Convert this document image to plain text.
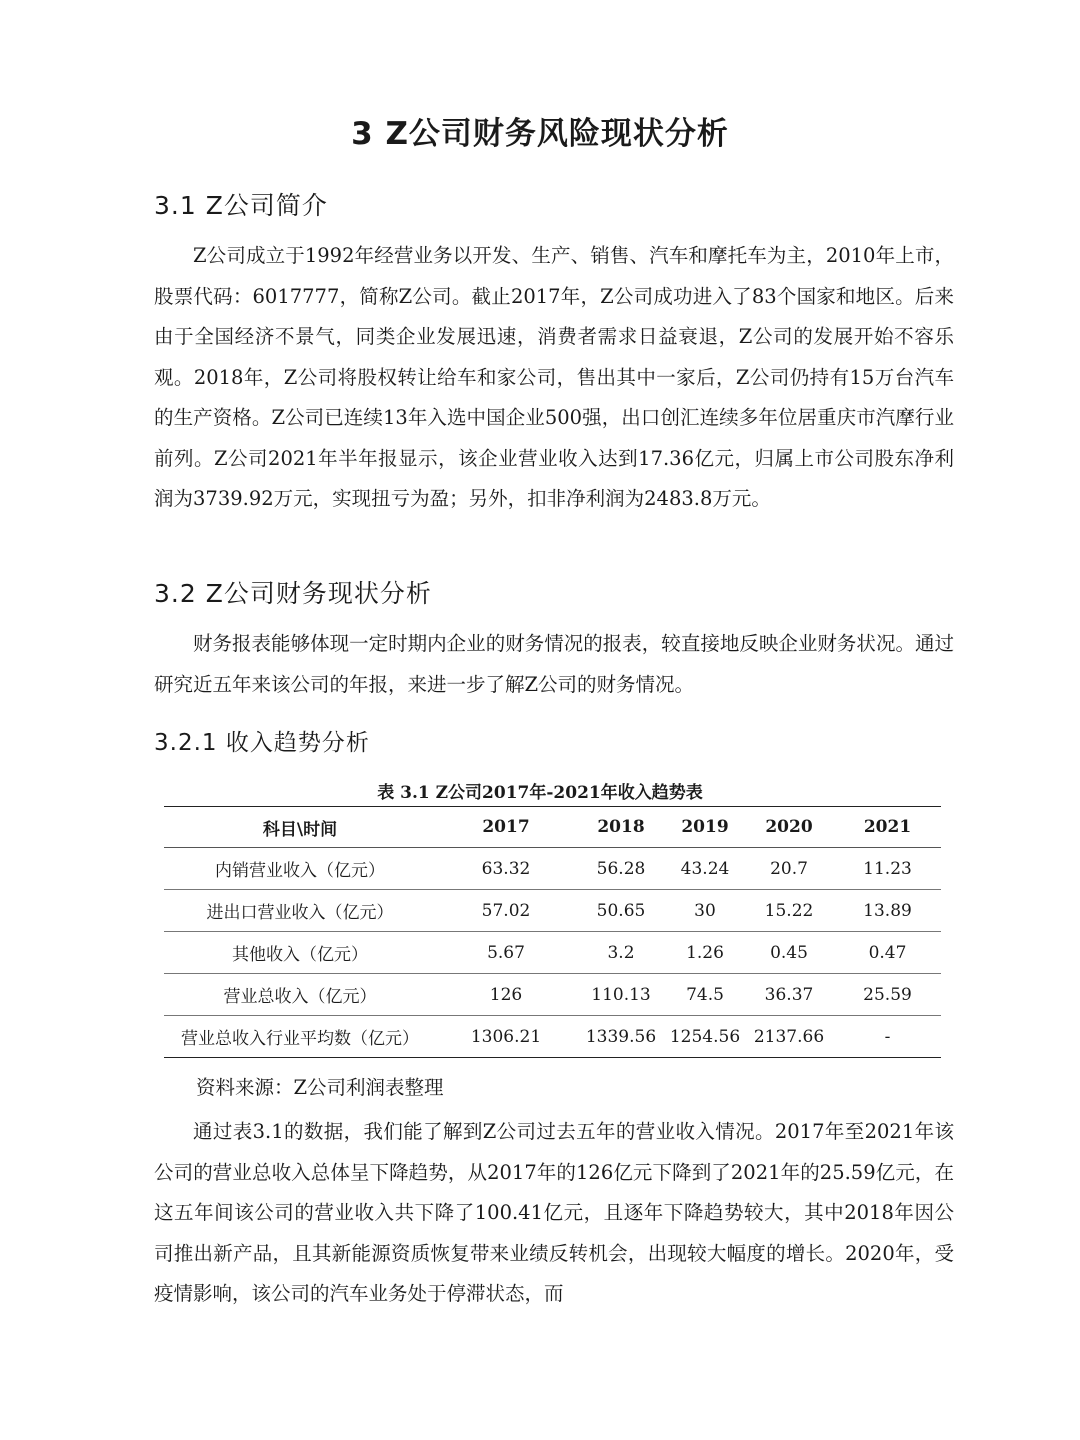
3 Z公司财务风险现状分析
3.1 Z公司简介

Z公司成立于1992年经营业务以开发、生产、销售、汽车和摩托车为主，2010年上市，股票代码：6017777，简称Z公司。截止2017年，Z公司成功进入了83个国家和地区。后来由于全国经济不景气，同类企业发展迅速，消费者需求日益衰退，Z公司的发展开始不容乐观。2018年，Z公司将股权转让给车和家公司，售出其中一家后，Z公司仍持有15万台汽车的生产资格。Z公司已连续13年入选中国企业500强，出口创汇连续多年位居重庆市汽摩行业前列。Z公司2021年半年报显示，该企业营业收入达到17.36亿元，归属上市公司股东净利润为3739.92万元，实现扭亏为盈；另外，扣非净利润为2483.8万元。

3.2 Z公司财务现状分析

财务报表能够体现一定时期内企业的财务情况的报表，较直接地反映企业财务状况。通过研究近五年来该公司的年报，来进一步了解Z公司的财务情况。

3.2.1 收入趋势分析

表 3.1 Z公司2017年-2021年收入趋势表

科目\时间	2017	2018	2019	2020	2021
内销营业收入（亿元）	63.32	56.28	43.24	20.7	11.23
进出口营业收入（亿元）	57.02	50.65	30	15.22	13.89
其他收入（亿元）	5.67	3.2	1.26	0.45	0.47
营业总收入（亿元）	126	110.13	74.5	36.37	25.59
营业总收入行业平均数（亿元）	1306.21	1339.56	1254.56	2137.66	-

资料来源：Z公司利润表整理

通过表3.1的数据，我们能了解到Z公司过去五年的营业收入情况。2017年至2021年该公司的营业总收入总体呈下降趋势，从2017年的126亿元下降到了2021年的25.59亿元，在这五年间该公司的营业收入共下降了100.41亿元，且逐年下降趋势较大，其中2018年因公司推出新产品，且其新能源资质恢复带来业绩反转机会，出现较大幅度的增长。2020年，受疫情影响，该公司的汽车业务处于停滞状态，而
